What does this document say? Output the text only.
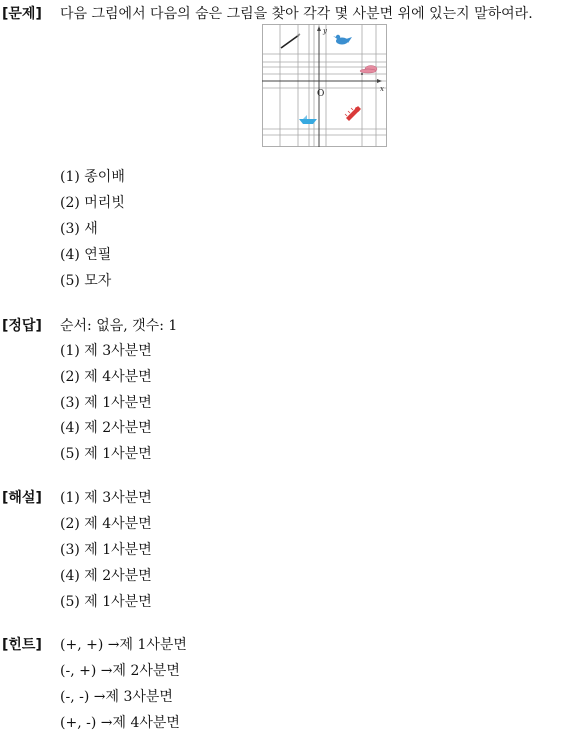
[문제] 다음 그림에서 다음의 숨은 그림을 찾아 각각 몇 사분면 위에 있는지 말하여라.
y
x
O
(1) 종이배
(2) 머리빗
(3) 새
(4) 연필
(5) 모자
[정답] 순서: 없음, 갯수: 1
(1) 제 3사분면
(2) 제 4사분면
(3) 제 1사분면
(4) 제 2사분면
(5) 제 1사분면
[해설] (1) 제 3사분면
(2) 제 4사분면
(3) 제 1사분면
(4) 제 2사분면
(5) 제 1사분면
[힌트] (+, +) →제 1사분면
(-, +) →제 2사분면
(-, -) →제 3사분면
(+, -) →제 4사분면
